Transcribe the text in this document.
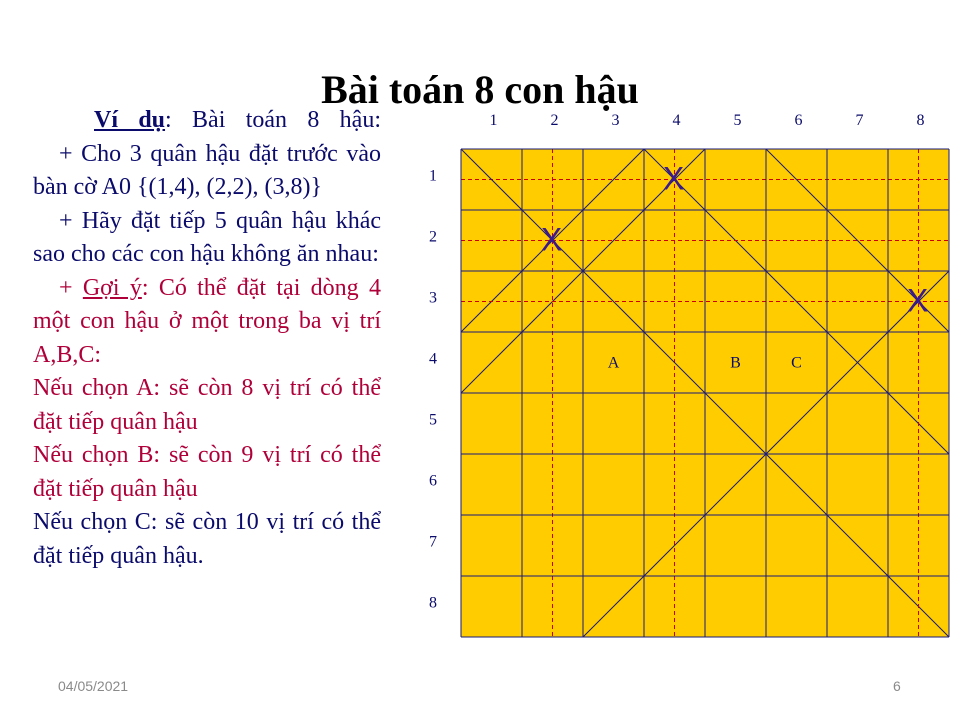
Bài toán 8 con hậu

Ví dụ: Bài toán 8 hậu:

+ Cho 3 quân hậu đặt trước vào bàn cờ A0 {(1,4), (2,2), (3,8)}

+ Hãy đặt tiếp 5 quân hậu khác sao cho các con hậu không ăn nhau:

+ Gợi ý: Có thể đặt tại dòng 4 một con hậu ở một trong ba vị trí A,B,C:

Nếu chọn A: sẽ còn 8 vị trí có thể đặt tiếp quân hậu

Nếu chọn B: sẽ còn 9 vị trí có thể đặt tiếp quân hậu

Nếu chọn C: sẽ còn 10 vị trí có thể đặt tiếp quân hậu.

1	2	3	4	5	6	7	8
1
2
3
4
5
6
7
8
X
X
X
A	B	C
04/05/2021	6
